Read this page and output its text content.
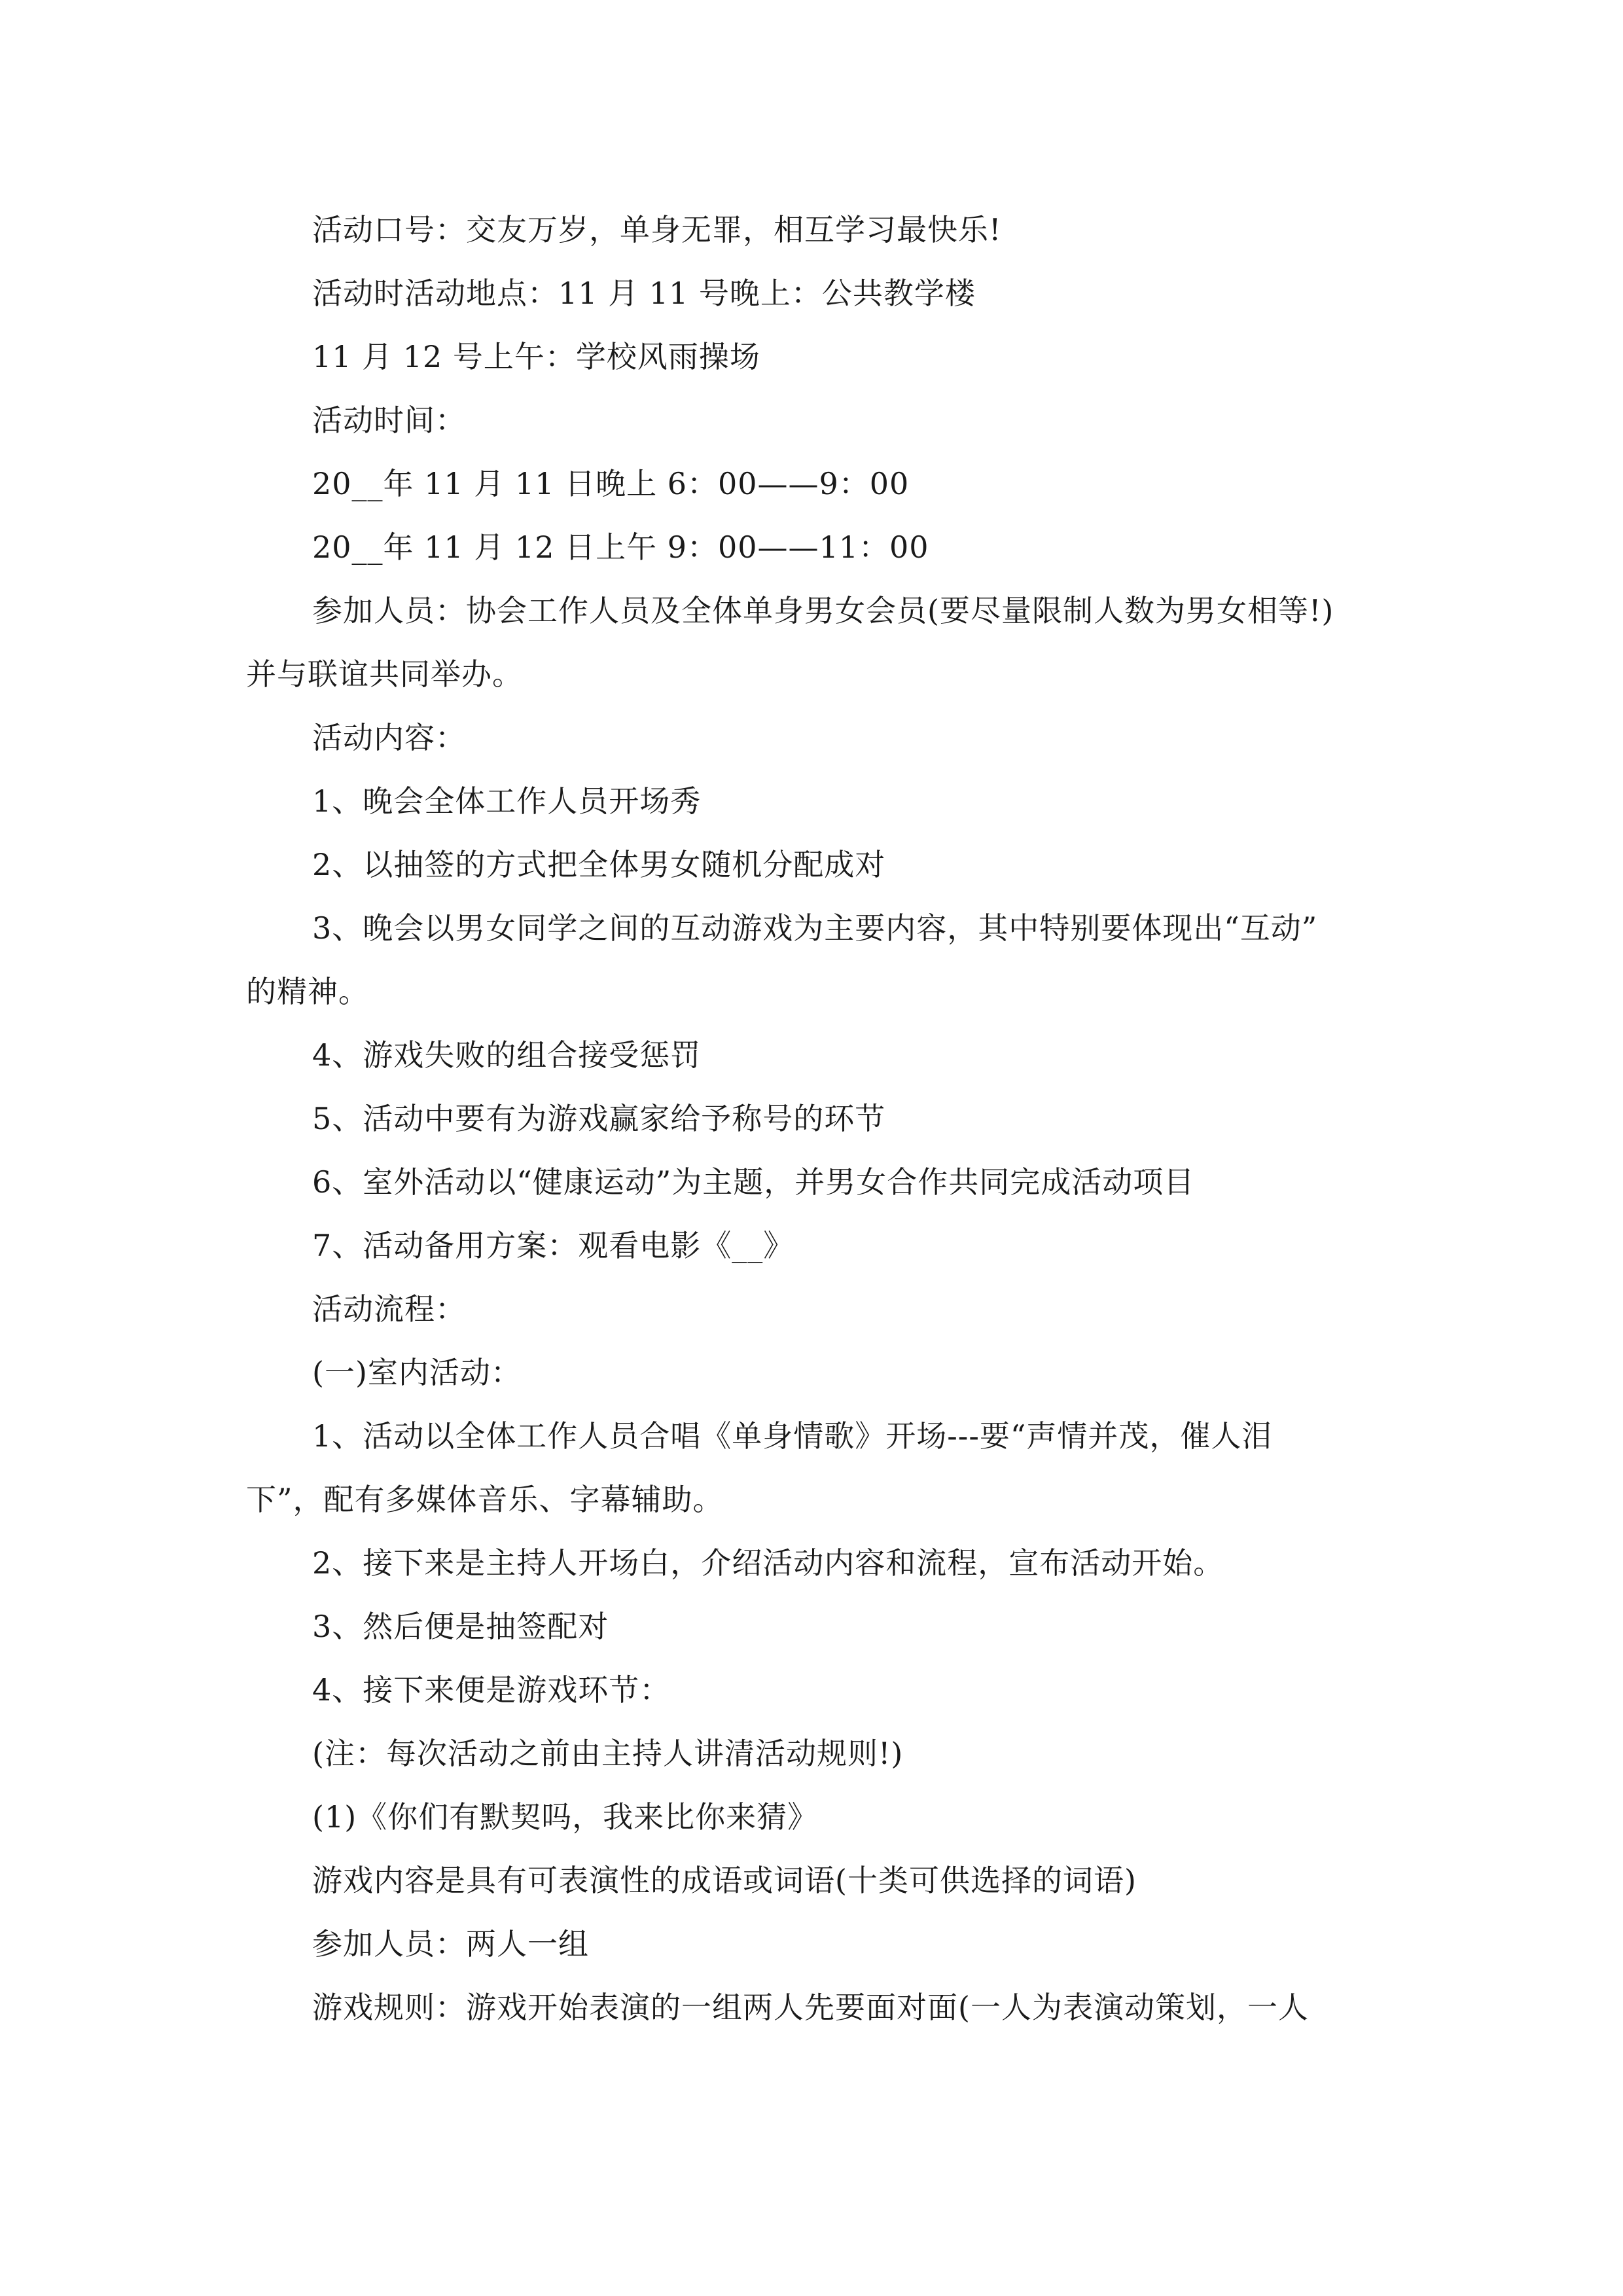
活动口号：交友万岁，单身无罪，相互学习最快乐!
活动时活动地点：11 月 11 号晚上：公共教学楼
11 月 12 号上午：学校风雨操场
活动时间：
20__年 11 月 11 日晚上 6：00——9：00
20__年 11 月 12 日上午 9：00——11：00
参加人员：协会工作人员及全体单身男女会员(要尽量限制人数为男女相等!)
并与联谊共同举办。
活动内容：
1、晚会全体工作人员开场秀
2、以抽签的方式把全体男女随机分配成对
3、晚会以男女同学之间的互动游戏为主要内容，其中特别要体现出“互动”
的精神。
4、游戏失败的组合接受惩罚
5、活动中要有为游戏赢家给予称号的环节
6、室外活动以“健康运动”为主题，并男女合作共同完成活动项目
7、活动备用方案：观看电影《__》
活动流程：
(一)室内活动：
1、活动以全体工作人员合唱《单身情歌》开场---要“声情并茂，催人泪
下”，配有多媒体音乐、字幕辅助。
2、接下来是主持人开场白，介绍活动内容和流程，宣布活动开始。
3、然后便是抽签配对
4、接下来便是游戏环节：
(注：每次活动之前由主持人讲清活动规则!)
(1)《你们有默契吗，我来比你来猜》
游戏内容是具有可表演性的成语或词语(十类可供选择的词语)
参加人员：两人一组
游戏规则：游戏开始表演的一组两人先要面对面(一人为表演动策划，一人
